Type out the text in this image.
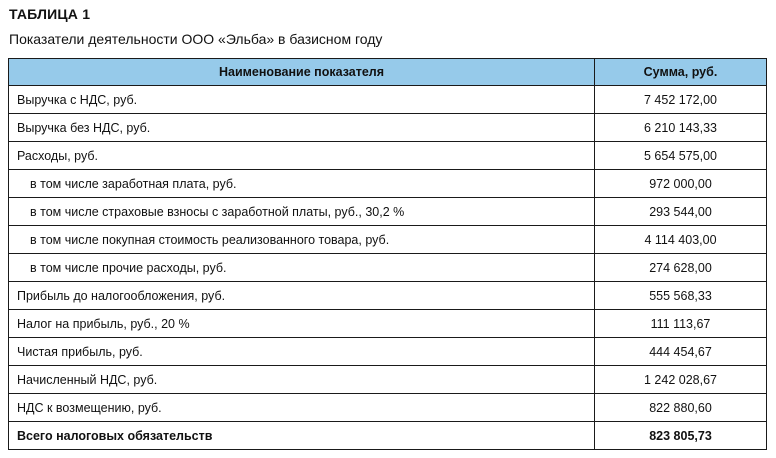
ТАБЛИЦА 1
Показатели деятельности ООО «Эльба» в базисном году
Наименование показателя	Сумма, руб.
Выручка с НДС, руб.	7 452 172,00
Выручка без НДС, руб.	6 210 143,33
Расходы, руб.	5 654 575,00
в том числе заработная плата, руб.	972 000,00
в том числе страховые взносы с заработной платы, руб., 30,2 %	293 544,00
в том числе покупная стоимость реализованного товара, руб.	4 114 403,00
в том числе прочие расходы, руб.	274 628,00
Прибыль до налогообложения, руб.	555 568,33
Налог на прибыль, руб., 20 %	111 113,67
Чистая прибыль, руб.	444 454,67
Начисленный НДС, руб.	1 242 028,67
НДС к возмещению, руб.	822 880,60
Всего налоговых обязательств	823 805,73
